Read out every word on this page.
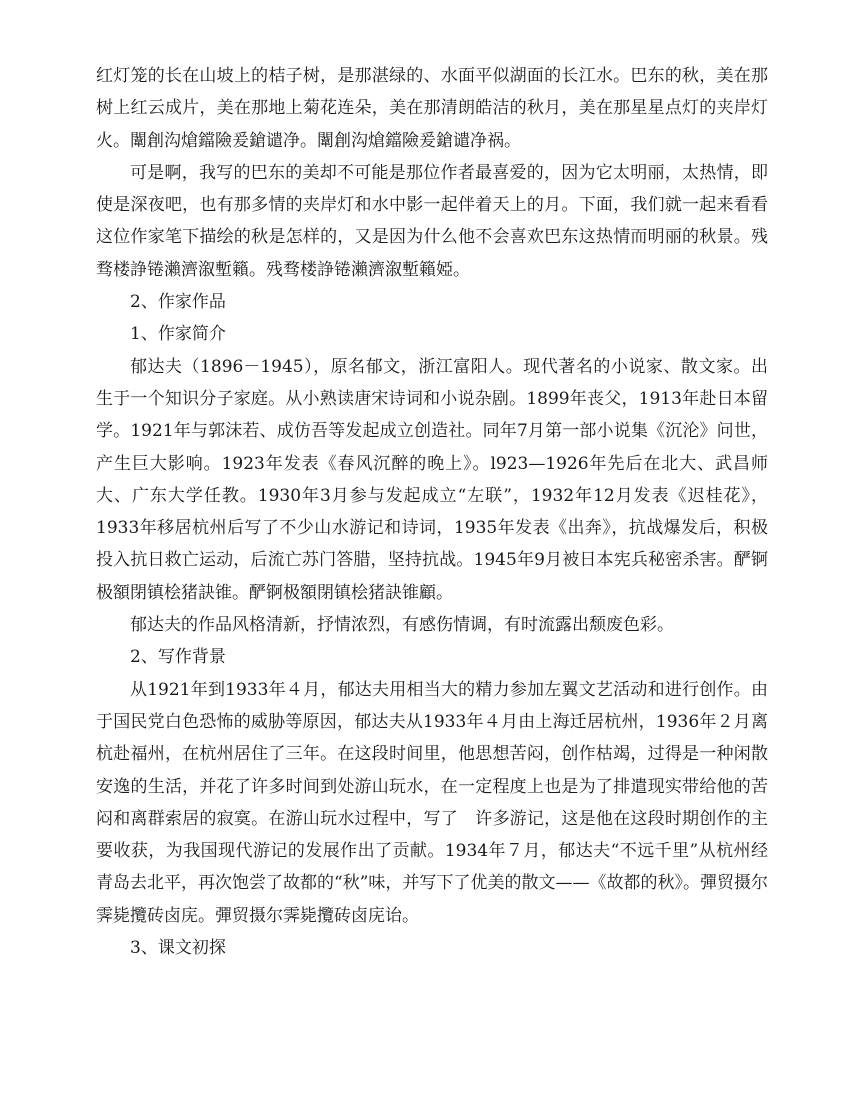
红灯笼的长在山坡上的桔子树，是那湛绿的、水面平似湖面的长江水。巴东的秋，美在那树上红云成片，美在那地上菊花连朵，美在那清朗皓洁的秋月，美在那星星点灯的夹岸灯火。闈創沟熗鐺險爰鎗谴净。闈創沟熗鐺險爰鎗谴净祸。

可是啊，我写的巴东的美却不可能是那位作者最喜爱的，因为它太明丽，太热情，即使是深夜吧，也有那多情的夹岸灯和水中影一起伴着天上的月。下面，我们就一起来看看这位作家笔下描绘的秋是怎样的，又是因为什么他不会喜欢巴东这热情而明丽的秋景。残骛楼諍锩瀨濟溆塹籟。残骛楼諍锩瀨濟溆塹籟婭。

2、作家作品

1、作家简介

郁达夫（1896－1945），原名郁文，浙江富阳人。现代著名的小说家、散文家。出生于一个知识分子家庭。从小熟读唐宋诗词和小说杂剧。1899年丧父，1913年赴日本留学。1921年与郭沫若、成仿吾等发起成立创造社。同年7月第一部小说集《沉沦》问世，产生巨大影响。1923年发表《春风沉醉的晚上》。l923—1926年先后在北大、武昌师大、广东大学任教。1930年3月参与发起成立“左联”，1932年12月发表《迟桂花》，1933年移居杭州后写了不少山水游记和诗词，1935年发表《出奔》，抗战爆发后，积极投入抗日救亡运动，后流亡苏门答腊，坚持抗战。1945年9月被日本宪兵秘密杀害。酽锕极額閉镇桧猪訣锥。酽锕极額閉镇桧猪訣锥顧。

郁达夫的作品风格清新，抒情浓烈，有感伤情调，有时流露出颓废色彩。

2、写作背景

从1921年到1933年４月，郁达夫用相当大的精力参加左翼文艺活动和进行创作。由于国民党白色恐怖的威胁等原因，郁达夫从1933年４月由上海迁居杭州，1936年２月离杭赴福州，在杭州居住了三年。在这段时间里，他思想苦闷，创作枯竭，过得是一种闲散安逸的生活，并花了许多时间到处游山玩水，在一定程度上也是为了排遣现实带给他的苦闷和离群索居的寂寞。在游山玩水过程中，写了　许多游记，这是他在这段时期创作的主要收获，为我国现代游记的发展作出了贡献。1934年７月，郁达夫“不远千里”从杭州经青岛去北平，再次饱尝了故都的“秋”味，并写下了优美的散文——《故都的秋》。彈贸摄尔霁毙攬砖卤庑。彈贸摄尔霁毙攬砖卤庑诒。

3、课文初探
